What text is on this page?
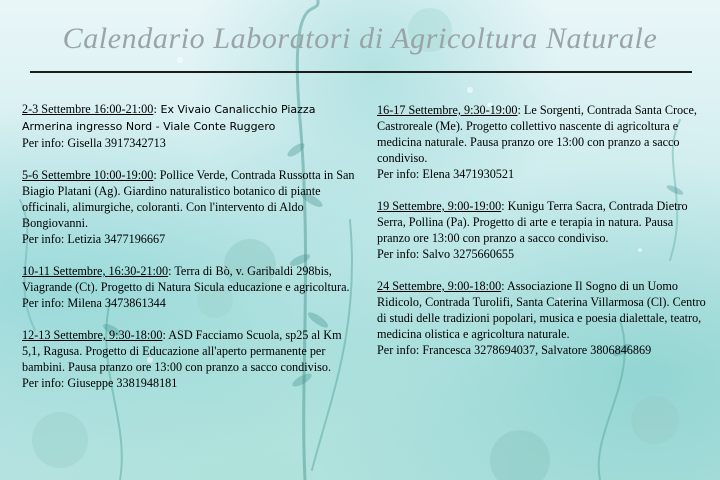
Calendario Laboratori di Agricoltura Naturale

2-3 Settembre 16:00-21:00: Ex Vivaio Canalicchio Piazza Armerina ingresso Nord - Viale Conte Ruggero
Per info: Gisella 3917342713

5-6 Settembre 10:00-19:00: Pollice Verde, Contrada Russotta in San Biagio Platani (Ag). Giardino naturalistico botanico di piante officinali, alimurgiche, coloranti. Con l'intervento di Aldo Bongiovanni.
Per info: Letizia 3477196667

10-11 Settembre, 16:30-21:00: Terra di Bò, v. Garibaldi 298bis, Viagrande (Ct). Progetto di Natura Sicula educazione e agricoltura.
Per info: Milena 3473861344

12-13 Settembre, 9:30-18:00: ASD Facciamo Scuola, sp25 al Km 5,1, Ragusa. Progetto di Educazione all'aperto permanente per bambini. Pausa pranzo ore 13:00 con pranzo a sacco condiviso.
Per info: Giuseppe 3381948181

16-17 Settembre, 9:30-19:00: Le Sorgenti, Contrada Santa Croce, Castroreale (Me). Progetto collettivo nascente di agricoltura e medicina naturale. Pausa pranzo ore 13:00 con pranzo a sacco condiviso.
Per info: Elena 3471930521

19 Settembre, 9:00-19:00: Kunigu Terra Sacra, Contrada Dietro Serra, Pollina (Pa). Progetto di arte e terapia in natura. Pausa pranzo ore 13:00 con pranzo a sacco condiviso.
Per info: Salvo 3275660655

24 Settembre, 9:00-18:00: Associazione Il Sogno di un Uomo Ridicolo, Contrada Turolifi, Santa Caterina Villarmosa (Cl). Centro di studi delle tradizioni popolari, musica e poesia dialettale, teatro, medicina olistica e agricoltura naturale.
Per info: Francesca 3278694037, Salvatore 3806846869
